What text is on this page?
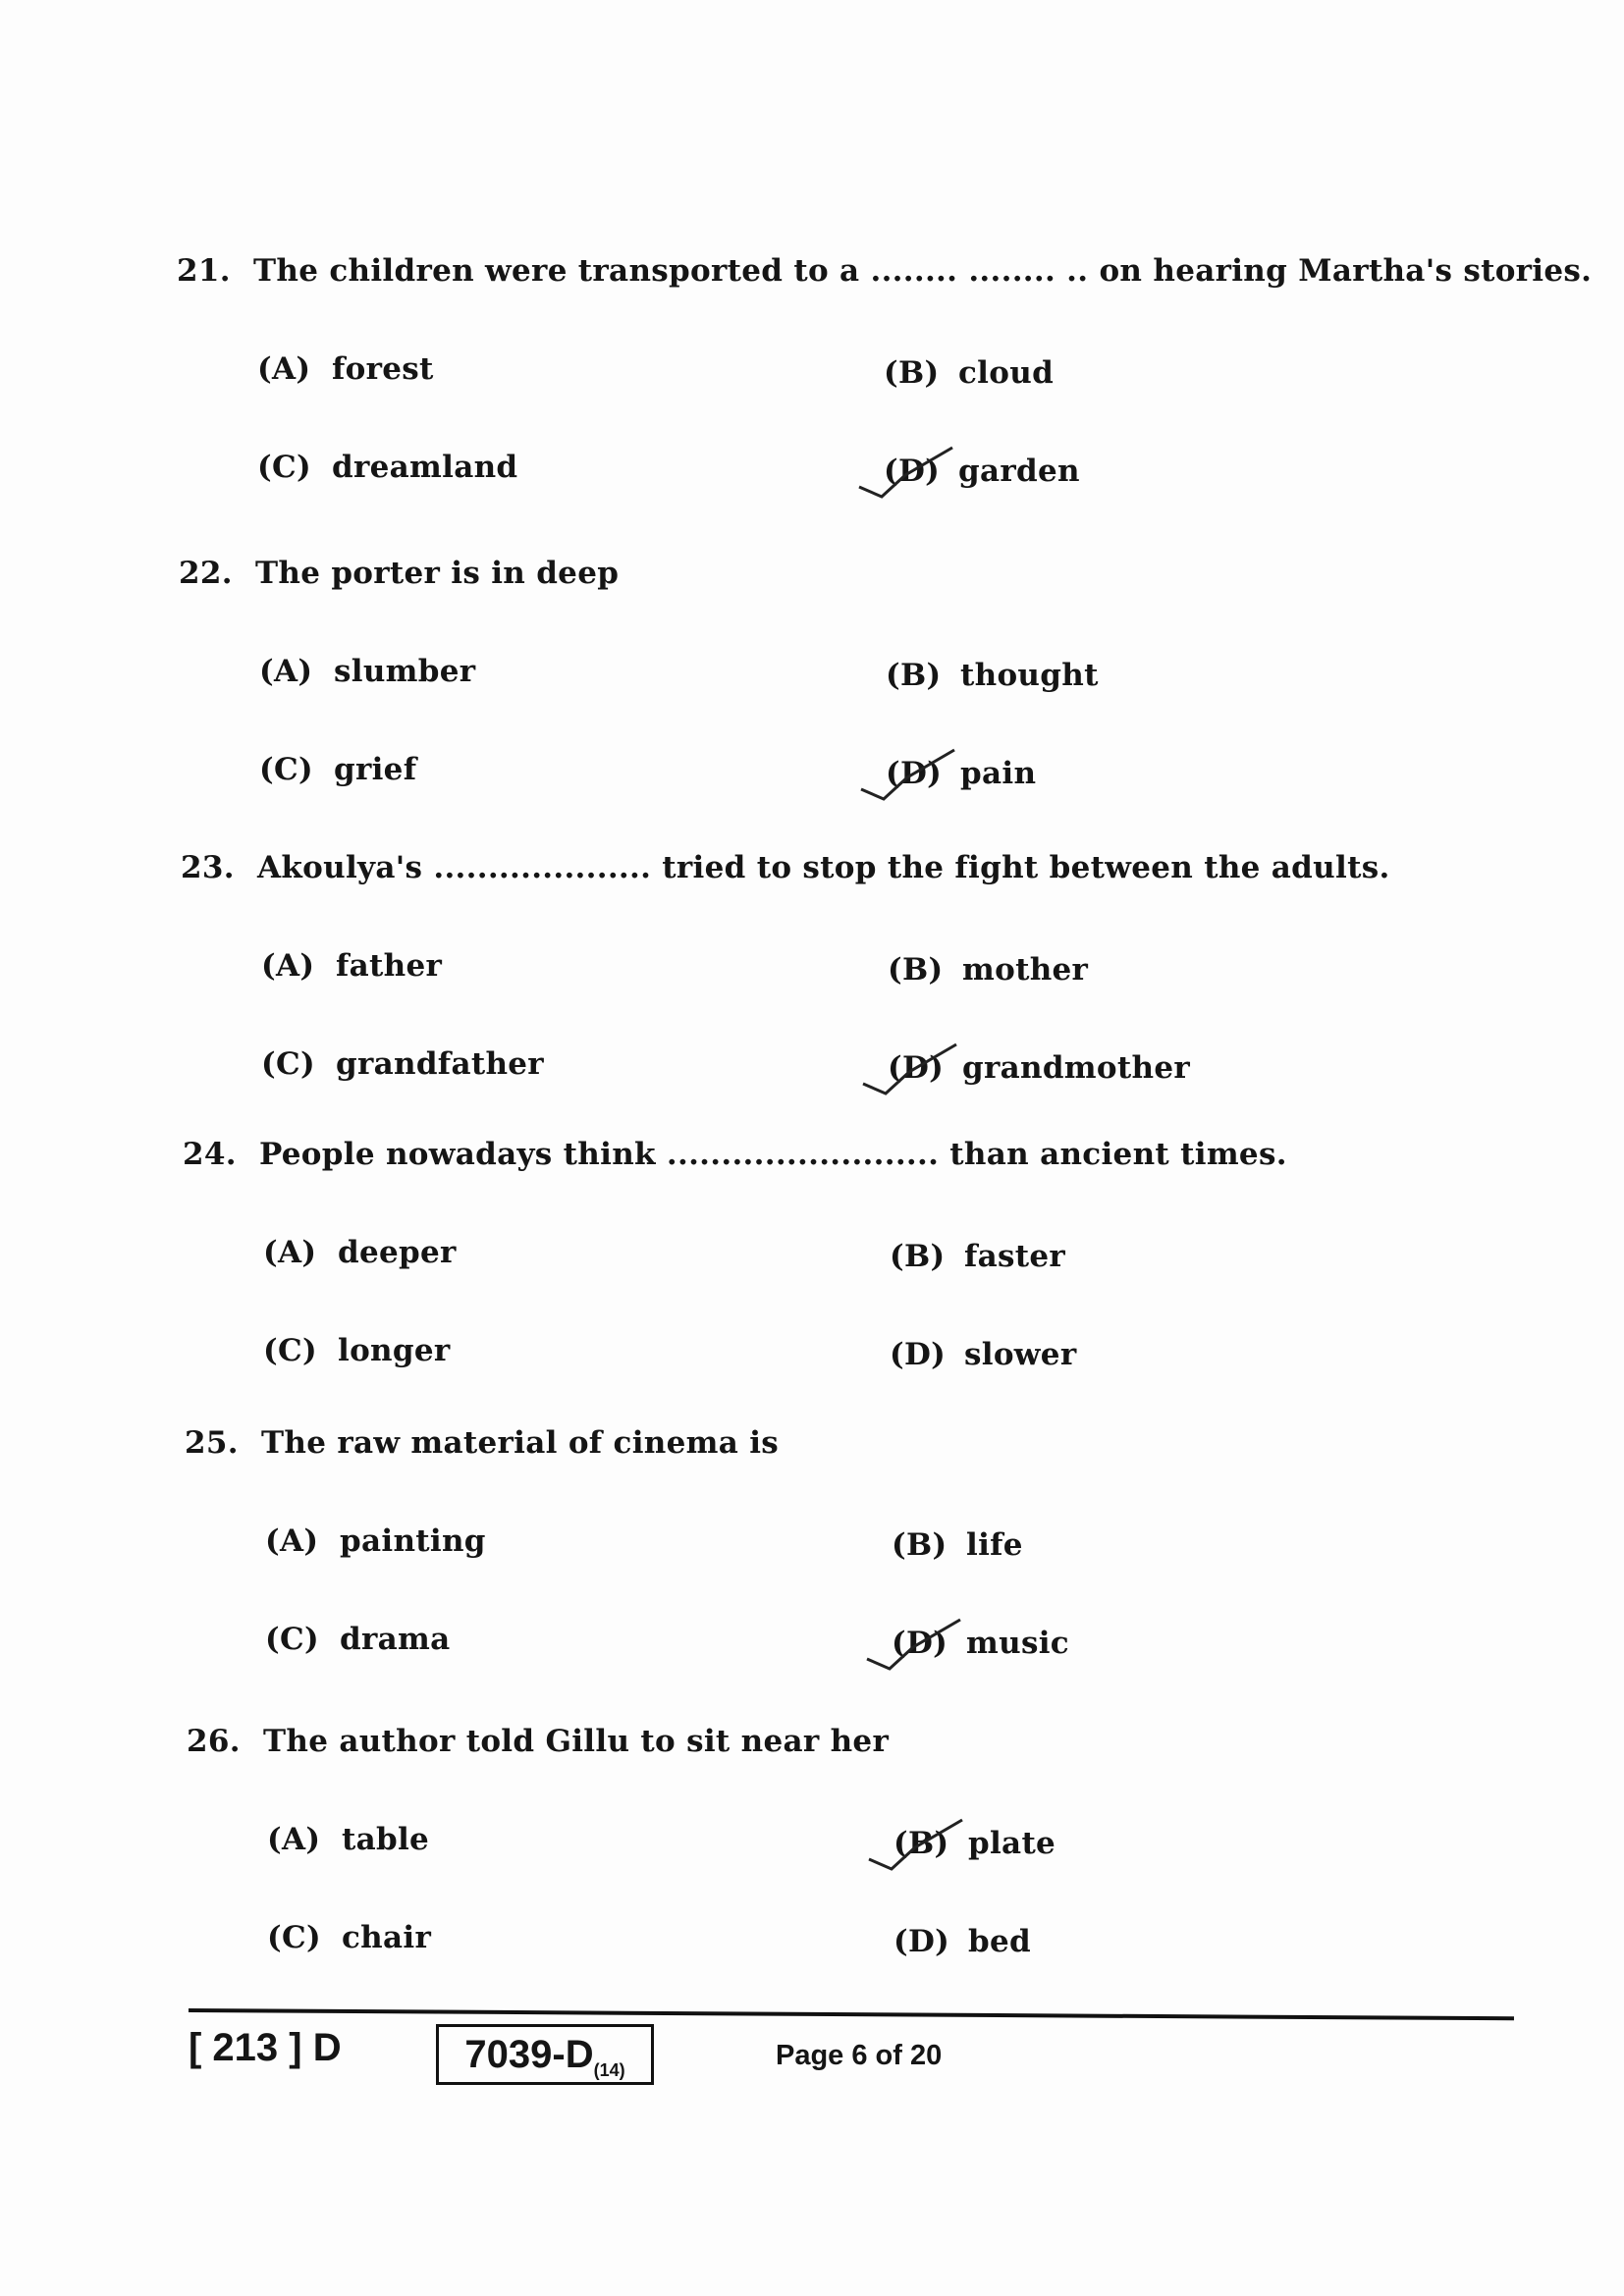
21. The children were transported to a ........ ........ .. on hearing Martha's stories.
(A) forest	(B) cloud
(C) dreamland	(D) garden
22. The porter is in deep
(A) slumber	(B) thought
(C) grief	(D) pain
23. Akoulya's .................... tried to stop the fight between the adults.
(A) father	(B) mother
(C) grandfather	(D) grandmother
24. People nowadays think ......................... than ancient times.
(A) deeper	(B) faster
(C) longer	(D) slower
25. The raw material of cinema is
(A) painting	(B) life
(C) drama	(D) music
26. The author told Gillu to sit near her
(A) table	(B) plate
(C) chair	(D) bed
[ 213 ] D	$7039-D_{(14)}$	Page 6 of 20
